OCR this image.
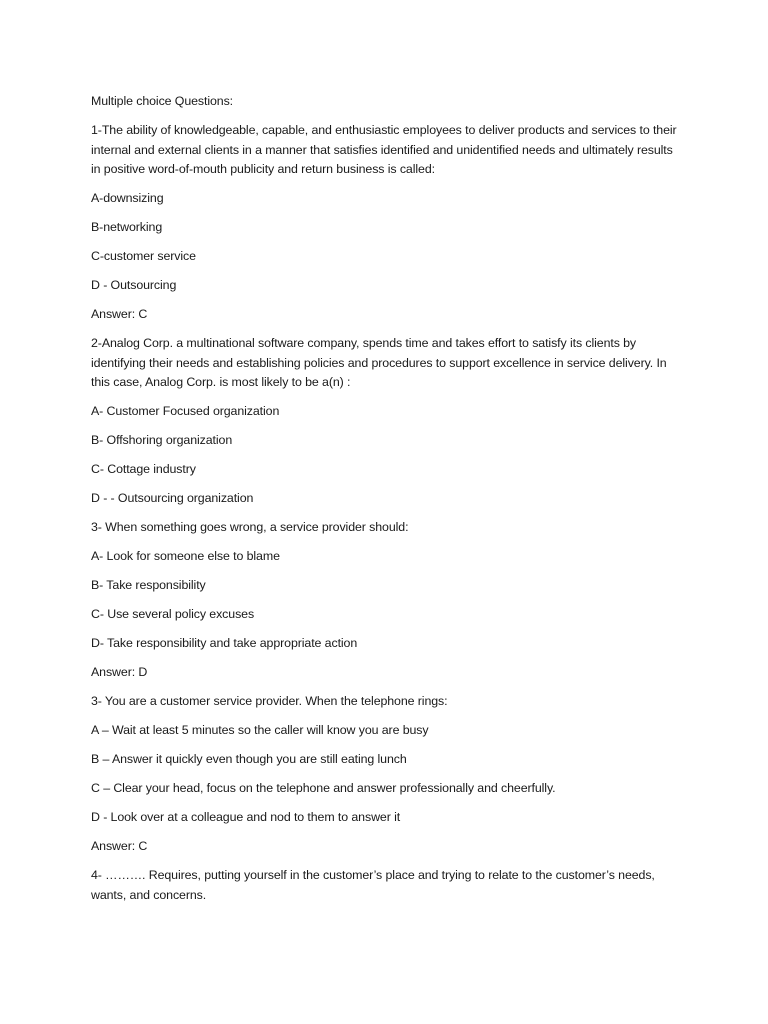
Multiple choice Questions:

1-The ability of knowledgeable, capable, and enthusiastic employees to deliver products and services to their internal and external clients in a manner that satisfies identified and unidentified needs and ultimately results in positive word-of-mouth publicity and return business is called:

A-downsizing

B-networking

C-customer service

D - Outsourcing

Answer: C

2-Analog Corp. a multinational software company, spends time and takes effort to satisfy its clients by identifying their needs and establishing policies and procedures to support excellence in service delivery. In this case, Analog Corp. is most likely to be a(n) :

A- Customer Focused organization

B- Offshoring organization

C- Cottage industry

D - - Outsourcing organization

3- When something goes wrong, a service provider should:

A- Look for someone else to blame

B- Take responsibility

C- Use several policy excuses

D- Take responsibility and take appropriate action

Answer: D

3- You are a customer service provider. When the telephone rings:

A – Wait at least 5 minutes so the caller will know you are busy

B – Answer it quickly even though you are still eating lunch

C – Clear your head, focus on the telephone and answer professionally and cheerfully.

D - Look over at a colleague and nod to them to answer it

Answer: C

4- ………. Requires, putting yourself in the customer’s place and trying to relate to the customer’s needs, wants, and concerns.
